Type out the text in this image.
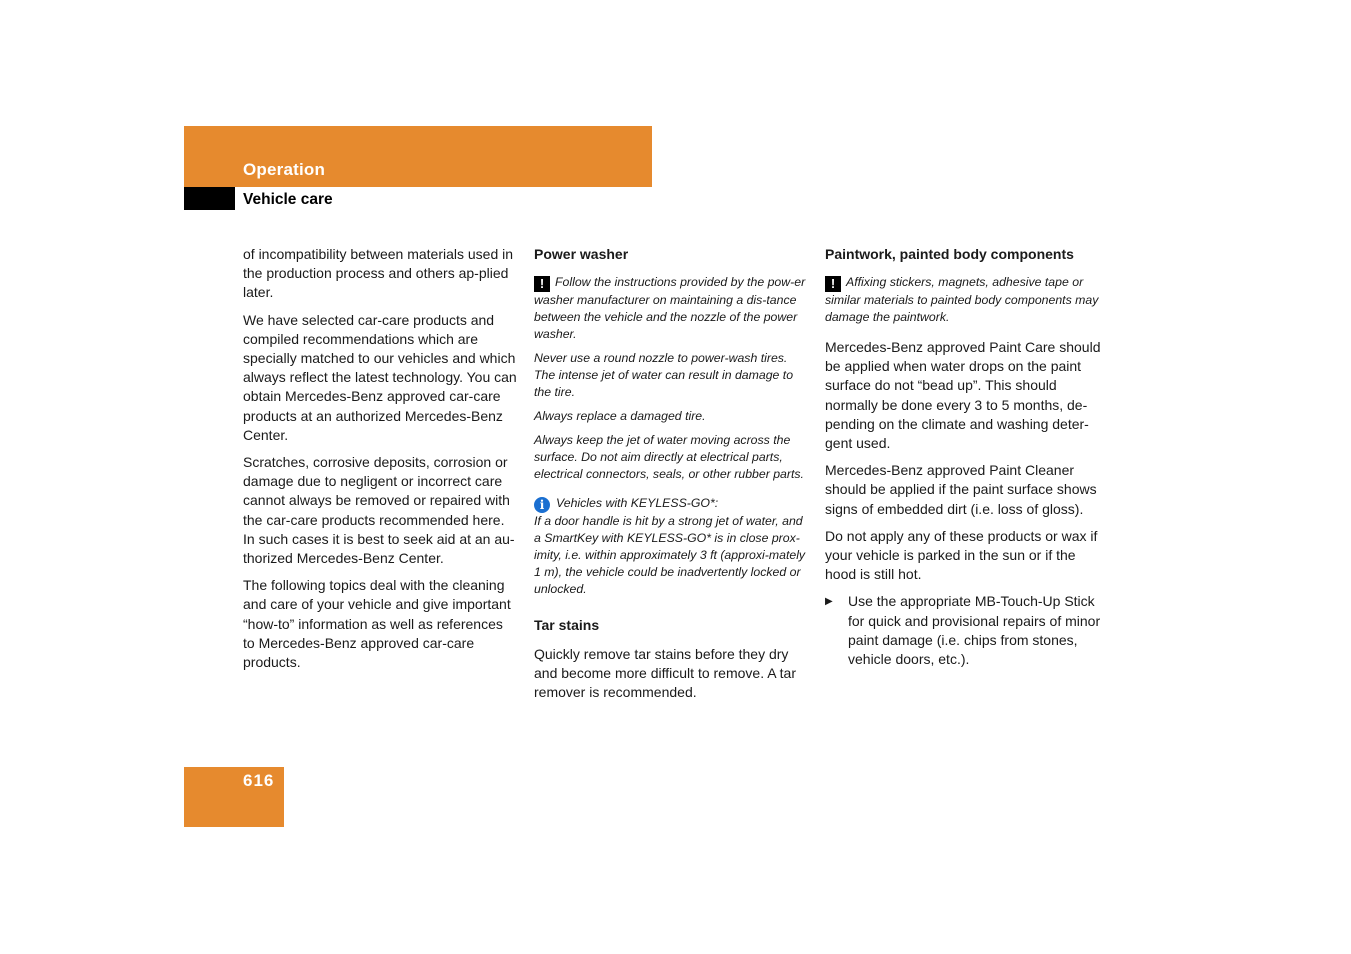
Operation
Vehicle care

of incompatibility between materials used in the production process and others ap-plied later.

We have selected car-care products and compiled recommendations which are specially matched to our vehicles and which always reflect the latest technology. You can obtain Mercedes-Benz approved car-care products at an authorized Mercedes-Benz Center.

Scratches, corrosive deposits, corrosion or damage due to negligent or incorrect care cannot always be removed or repaired with the car-care products recommended here. In such cases it is best to seek aid at an au-thorized Mercedes-Benz Center.

The following topics deal with the cleaning and care of your vehicle and give important “how-to” information as well as references to Mercedes-Benz approved car-care products.

Power washer

! Follow the instructions provided by the pow-er washer manufacturer on maintaining a dis-tance between the vehicle and the nozzle of the power washer.

Never use a round nozzle to power-wash tires. The intense jet of water can result in damage to the tire.

Always replace a damaged tire.

Always keep the jet of water moving across the surface. Do not aim directly at electrical parts, electrical connectors, seals, or other rubber parts.

i Vehicles with KEYLESS-GO*:

If a door handle is hit by a strong jet of water, and a SmartKey with KEYLESS-GO* is in close prox-imity, i.e. within approximately 3 ft (approxi-mately 1 m), the vehicle could be inadvertently locked or unlocked.

Tar stains

Quickly remove tar stains before they dry and become more difficult to remove. A tar remover is recommended.

Paintwork, painted body components

! Affixing stickers, magnets, adhesive tape or similar materials to painted body components may damage the paintwork.

Mercedes-Benz approved Paint Care should be applied when water drops on the paint surface do not “bead up”. This should normally be done every 3 to 5 months, de-pending on the climate and washing deter-gent used.

Mercedes-Benz approved Paint Cleaner should be applied if the paint surface shows signs of embedded dirt (i.e. loss of gloss).

Do not apply any of these products or wax if your vehicle is parked in the sun or if the hood is still hot.

▶	Use the appropriate MB-Touch-Up Stick for quick and provisional repairs of minor paint damage (i.e. chips from stones, vehicle doors, etc.).
616
